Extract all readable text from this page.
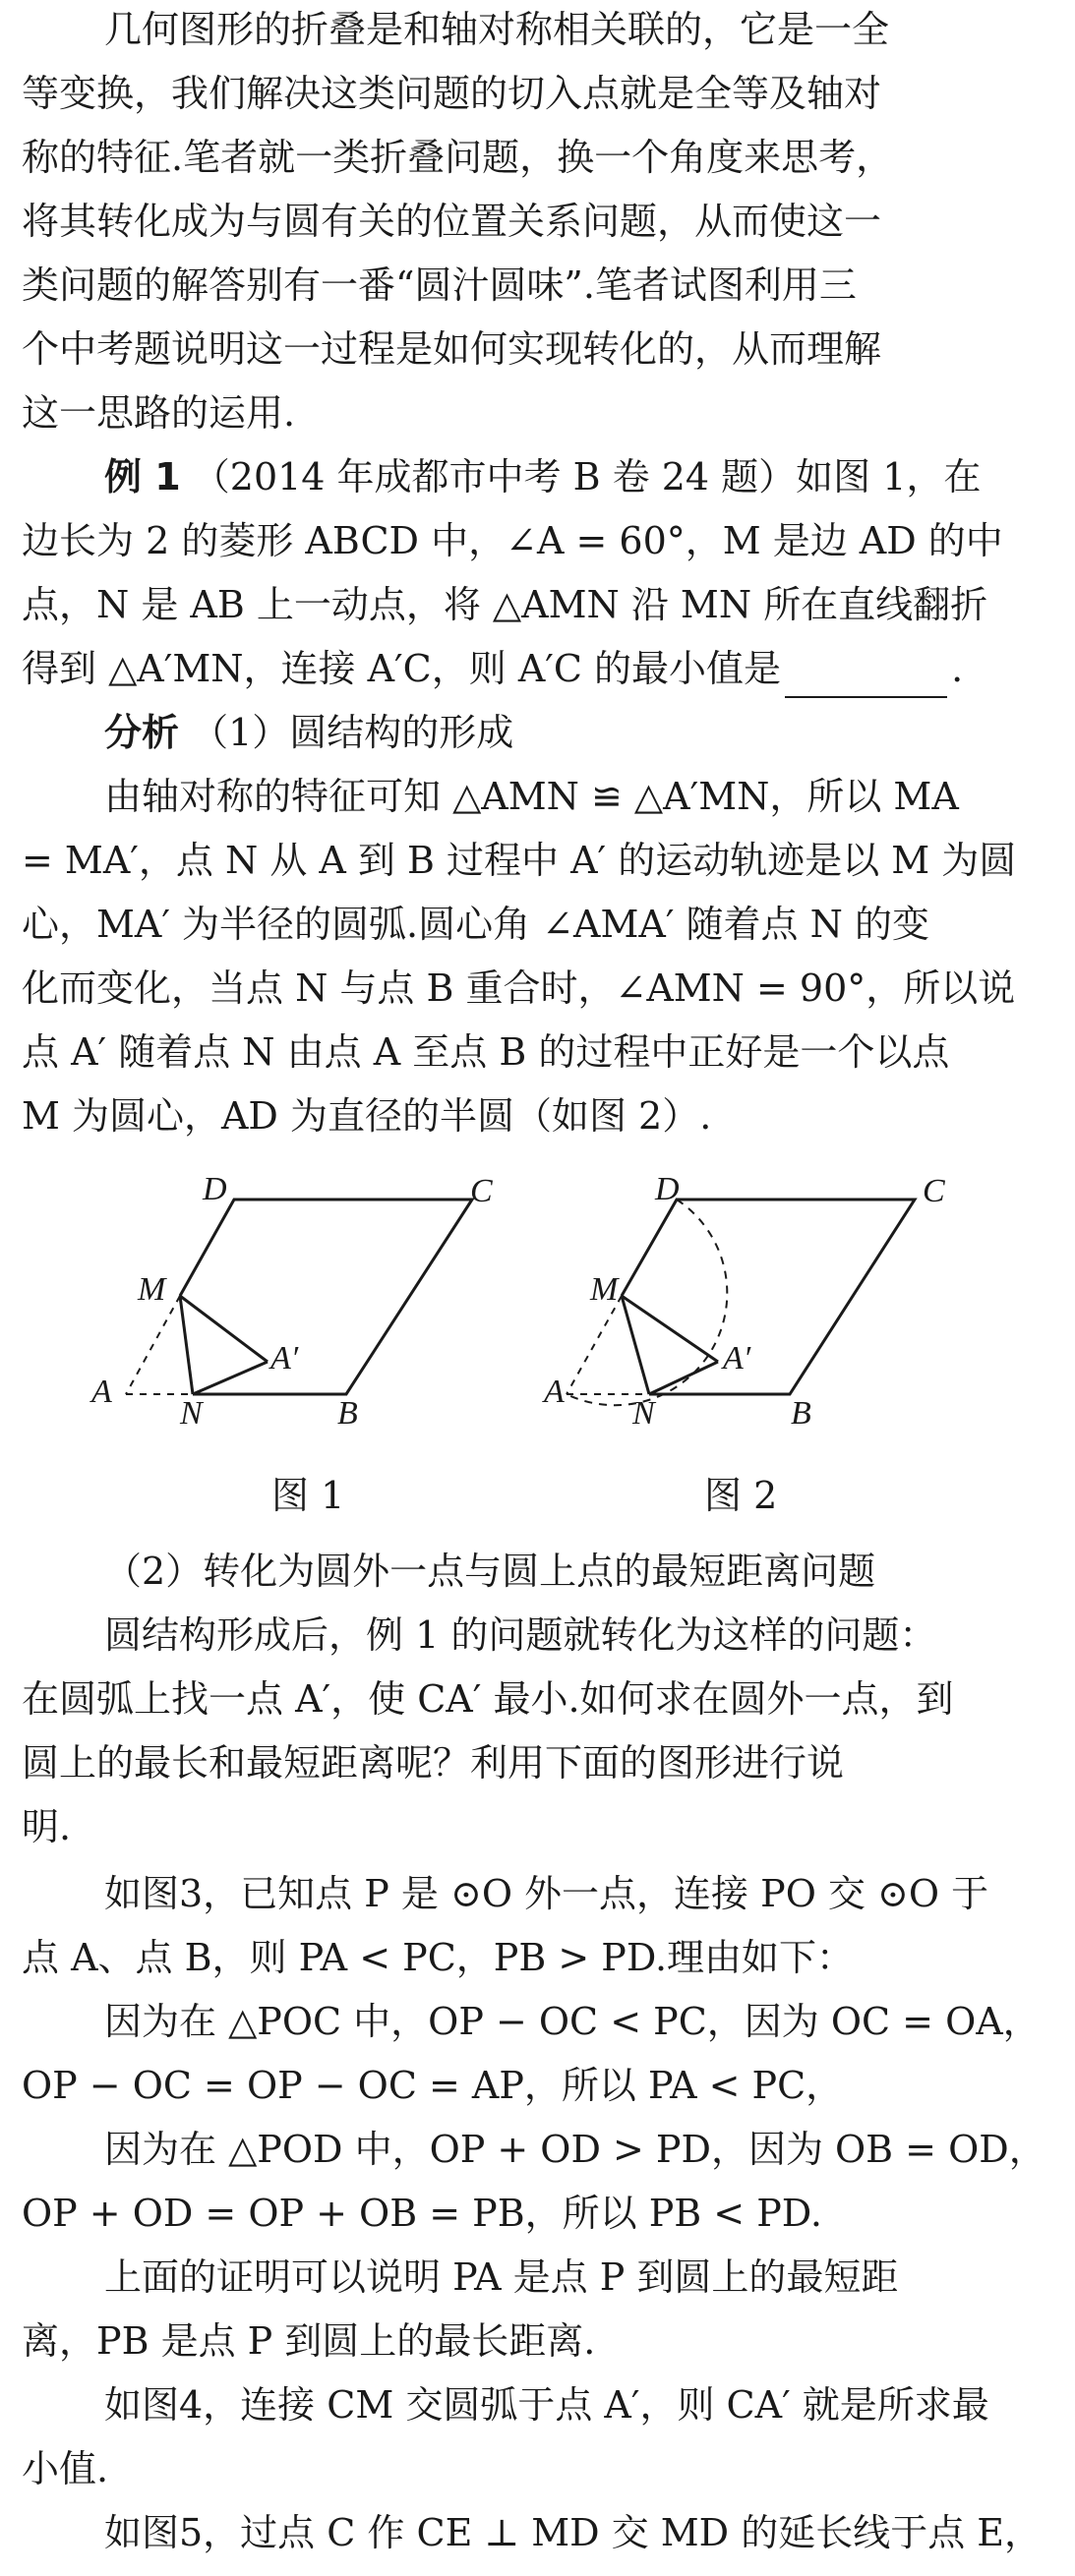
几何图形的折叠是和轴对称相关联的，它是一全
等变换，我们解决这类问题的切入点就是全等及轴对
称的特征.笔者就一类折叠问题，换一个角度来思考，
将其转化成为与圆有关的位置关系问题，从而使这一
类问题的解答别有一番“圆汁圆味”.笔者试图利用三
个中考题说明这一过程是如何实现转化的，从而理解
这一思路的运用.
例 1 （2014 年成都市中考 B 卷 24 题）如图 1，在
边长为 2 的菱形 ABCD 中，∠A = 60°，M 是边 AD 的中
点，N 是 AB 上一动点，将 △AMN 沿 MN 所在直线翻折
得到 △A′MN，连接 A′C，则 A′C 的最小值是	.
分析 （1）圆结构的形成
由轴对称的特征可知 △AMN ≌ △A′MN，所以 MA
= MA′，点 N 从 A 到 B 过程中 A′ 的运动轨迹是以 M 为圆
心，MA′ 为半径的圆弧.圆心角 ∠AMA′ 随着点 N 的变
化而变化，当点 N 与点 B 重合时，∠AMN = 90°，所以说
点 A′ 随着点 N 由点 A 至点 B 的过程中正好是一个以点
M 为圆心，AD 为直径的半圆（如图 2）.
D	C
M
A′
A
N	B
D	C
M
A′
A
N	B
图 1	图 2
（2）转化为圆外一点与圆上点的最短距离问题
圆结构形成后，例 1 的问题就转化为这样的问题：
在圆弧上找一点 A′，使 CA′ 最小.如何求在圆外一点，到
圆上的最长和最短距离呢？利用下面的图形进行说
明.
如图3，已知点 P 是 ⊙O 外一点，连接 PO 交 ⊙O 于
点 A、点 B，则 PA < PC，PB > PD.理由如下：
因为在 △POC 中，OP − OC < PC，因为 OC = OA，
OP − OC = OP − OC = AP，所以 PA < PC，
因为在 △POD 中，OP + OD > PD，因为 OB = OD，
OP + OD = OP + OB = PB，所以 PB < PD.
上面的证明可以说明 PA 是点 P 到圆上的最短距
离，PB 是点 P 到圆上的最长距离.
如图4，连接 CM 交圆弧于点 A′，则 CA′ 就是所求最
小值.
如图5，过点 C 作 CE ⊥ MD 交 MD 的延长线于点 E，
